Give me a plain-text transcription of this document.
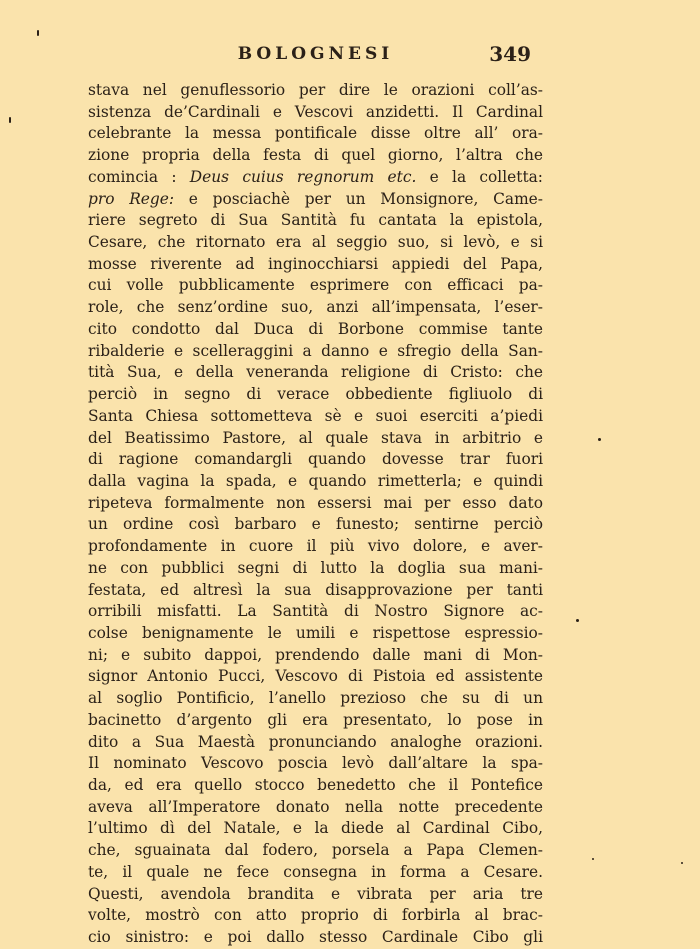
BOLOGNESI	349
stava nel genuflessorio per dire le orazioni coll’as-
sistenza de’Cardinali e Vescovi anzidetti. Il Cardinal
celebrante la messa pontificale disse oltre all’ ora-
zione propria della festa di quel giorno, l’altra che
comincia : Deus cuius regnorum etc. e la colletta:
pro Rege: e posciachè per un Monsignore, Came-
riere segreto di Sua Santità fu cantata la epistola,
Cesare, che ritornato era al seggio suo, si levò, e si
mosse riverente ad inginocchiarsi appiedi del Papa,
cui volle pubblicamente esprimere con efficaci pa-
role, che senz’ordine suo, anzi all’impensata, l’eser-
cito condotto dal Duca di Borbone commise tante
ribalderie e scelleraggini a danno e sfregio della San-
tità Sua, e della veneranda religione di Cristo: che
perciò in segno di verace obbediente figliuolo di
Santa Chiesa sottometteva sè e suoi eserciti a’piedi
del Beatissimo Pastore, al quale stava in arbitrio e
di ragione comandargli quando dovesse trar fuori
dalla vagina la spada, e quando rimetterla; e quindi
ripeteva formalmente non essersi mai per esso dato
un ordine così barbaro e funesto; sentirne perciò
profondamente in cuore il più vivo dolore, e aver-
ne con pubblici segni di lutto la doglia sua mani-
festata, ed altresì la sua disapprovazione per tanti
orribili misfatti. La Santità di Nostro Signore ac-
colse benignamente le umili e rispettose espressio-
ni; e subito dappoi, prendendo dalle mani di Mon-
signor Antonio Pucci, Vescovo di Pistoia ed assistente
al soglio Pontificio, l’anello prezioso che su di un
bacinetto d’argento gli era presentato, lo pose in
dito a Sua Maestà pronunciando analoghe orazioni.
Il nominato Vescovo poscia levò dall’altare la spa-
da, ed era quello stocco benedetto che il Pontefice
aveva all’Imperatore donato nella notte precedente
l’ultimo dì del Natale, e la diede al Cardinal Cibo,
che, sguainata dal fodero, porsela a Papa Clemen-
te, il quale ne fece consegna in forma a Cesare.
Questi, avendola brandita e vibrata per aria tre
volte, mostrò con atto proprio di forbirla al brac-
cio sinistro: e poi dallo stesso Cardinale Cibo gli
